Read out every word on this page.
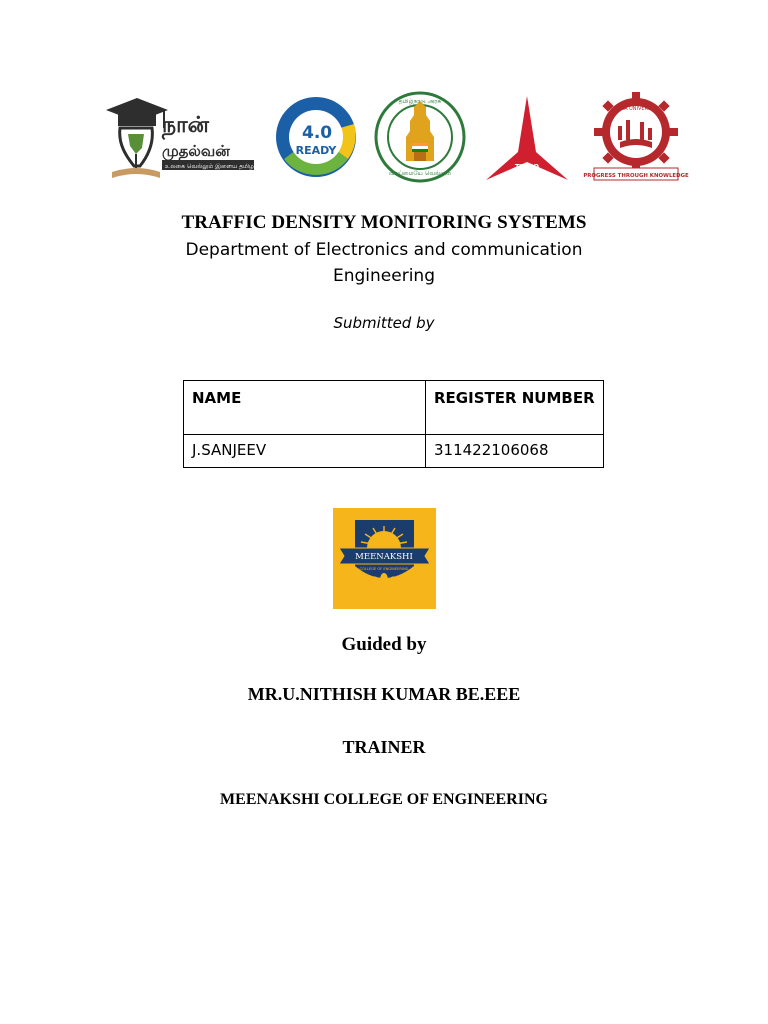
நான்
முதல்வன்
உலகை வெல்லும் இளைய தமிழகம்
4.0
READY
வாய்மையே வெல்லும்
தமிழ்நாடு அரசு
TIDCO
ANNA UNIVERSITY
PROGRESS THROUGH KNOWLEDGE
TRAFFIC DENSITY MONITORING SYSTEMS
Department of Electronics and communication
Engineering
Submitted by
NAME	REGISTER NUMBER
J.SANJEEV	311422106068
MEENAKSHI
COLLEGE OF ENGINEERING
Guided by
MR.U.NITHISH KUMAR BE.EEE
TRAINER
MEENAKSHI COLLEGE OF ENGINEERING
